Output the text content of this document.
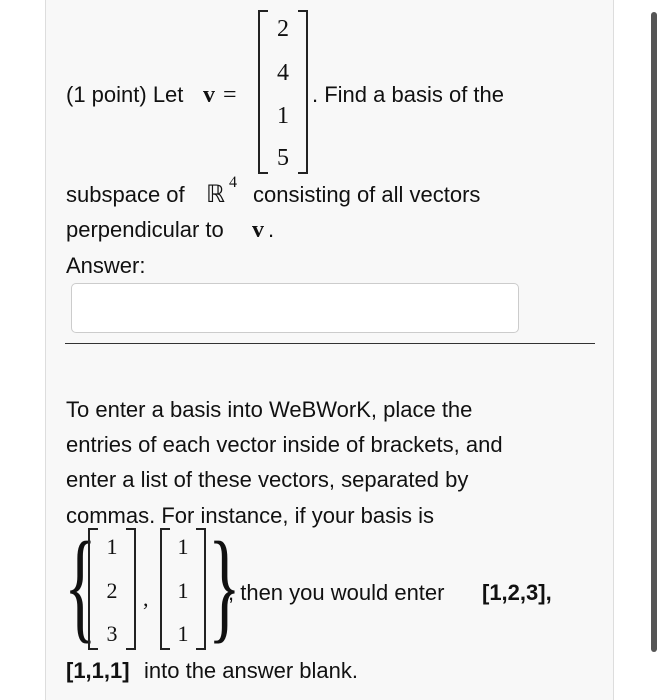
(1 point) Let v =
2
4
1
5
. Find a basis of the
subspace of ℝ 4 consisting of all vectors
perpendicular to v .
Answer:
To enter a basis into WeBWorK, place the
entries of each vector inside of brackets, and
enter a list of these vectors, separated by
commas. For instance, if your basis is
{ 1
2
3
,
1
1
1 }
, then you would enter [1,2,3],
[1,1,1] into the answer blank.
